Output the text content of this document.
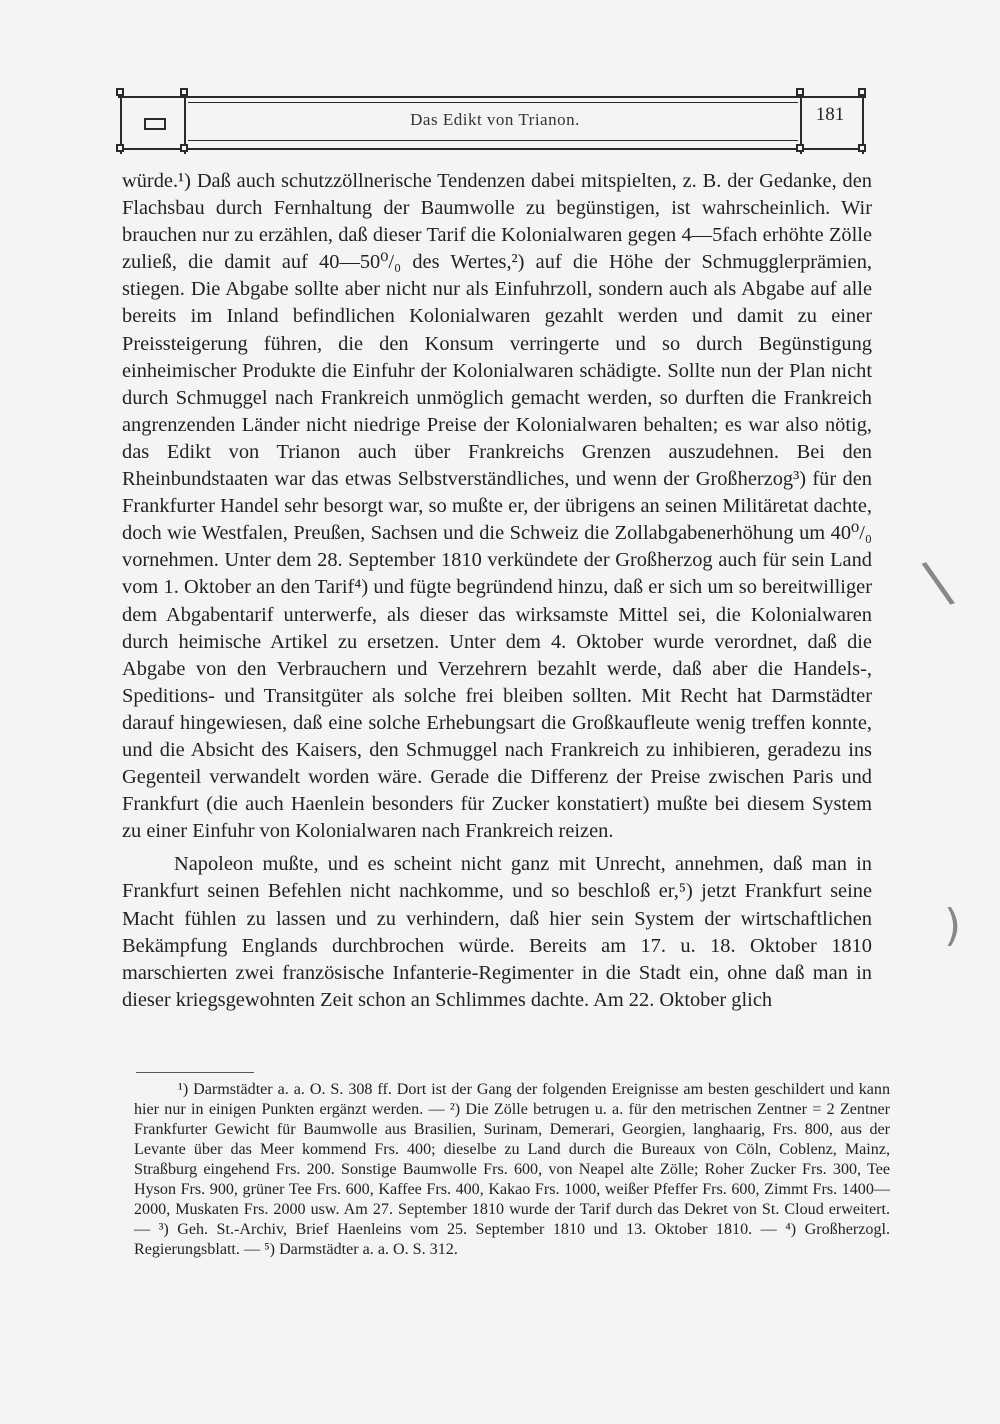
Das Edikt von Trianon.	181

würde.¹) Daß auch schutzzöllnerische Tendenzen dabei mitspielten, z. B. der Gedanke, den Flachsbau durch Fernhaltung der Baumwolle zu begünstigen, ist wahrscheinlich. Wir brauchen nur zu erzählen, daß dieser Tarif die Kolonialwaren gegen 4—5fach erhöhte Zölle zuließ, die damit auf 40—50⁰/₀ des Wertes,²) auf die Höhe der Schmugglerprämien, stiegen. Die Abgabe sollte aber nicht nur als Einfuhrzoll, sondern auch als Abgabe auf alle bereits im Inland befindlichen Kolonialwaren gezahlt werden und damit zu einer Preissteigerung führen, die den Konsum verringerte und so durch Begünstigung einheimischer Produkte die Einfuhr der Kolonialwaren schädigte. Sollte nun der Plan nicht durch Schmuggel nach Frankreich unmöglich gemacht werden, so durften die Frankreich angrenzenden Länder nicht niedrige Preise der Kolonialwaren behalten; es war also nötig, das Edikt von Trianon auch über Frankreichs Grenzen auszudehnen. Bei den Rheinbundstaaten war das etwas Selbstverständliches, und wenn der Großherzog³) für den Frankfurter Handel sehr besorgt war, so mußte er, der übrigens an seinen Militäretat dachte, doch wie Westfalen, Preußen, Sachsen und die Schweiz die Zollabgabenerhöhung um 40⁰/₀ vornehmen. Unter dem 28. September 1810 verkündete der Großherzog auch für sein Land vom 1. Oktober an den Tarif⁴) und fügte begründend hinzu, daß er sich um so bereitwilliger dem Abgabentarif unterwerfe, als dieser das wirksamste Mittel sei, die Kolonialwaren durch heimische Artikel zu ersetzen. Unter dem 4. Oktober wurde verordnet, daß die Abgabe von den Verbrauchern und Verzehrern bezahlt werde, daß aber die Handels-, Speditions- und Transitgüter als solche frei bleiben sollten. Mit Recht hat Darmstädter darauf hingewiesen, daß eine solche Erhebungsart die Großkaufleute wenig treffen konnte, und die Absicht des Kaisers, den Schmuggel nach Frankreich zu inhibieren, geradezu ins Gegenteil verwandelt worden wäre. Gerade die Differenz der Preise zwischen Paris und Frankfurt (die auch Haenlein besonders für Zucker konstatiert) mußte bei diesem System zu einer Einfuhr von Kolonialwaren nach Frankreich reizen.

Napoleon mußte, und es scheint nicht ganz mit Unrecht, annehmen, daß man in Frankfurt seinen Befehlen nicht nachkomme, und so beschloß er,⁵) jetzt Frankfurt seine Macht fühlen zu lassen und zu verhindern, daß hier sein System der wirtschaftlichen Bekämpfung Englands durchbrochen würde. Bereits am 17. u. 18. Oktober 1810 marschierten zwei französische Infanterie-Regimenter in die Stadt ein, ohne daß man in dieser kriegsgewohnten Zeit schon an Schlimmes dachte. Am 22. Oktober glich

¹) Darmstädter a. a. O. S. 308 ff. Dort ist der Gang der folgenden Ereignisse am besten geschildert und kann hier nur in einigen Punkten ergänzt werden. — ²) Die Zölle betrugen u. a. für den metrischen Zentner = 2 Zentner Frankfurter Gewicht für Baumwolle aus Brasilien, Surinam, Demerari, Georgien, langhaarig, Frs. 800, aus der Levante über das Meer kommend Frs. 400; dieselbe zu Land durch die Bureaux von Cöln, Coblenz, Mainz, Straßburg eingehend Frs. 200. Sonstige Baumwolle Frs. 600, von Neapel alte Zölle; Roher Zucker Frs. 300, Tee Hyson Frs. 900, grüner Tee Frs. 600, Kaffee Frs. 400, Kakao Frs. 1000, weißer Pfeffer Frs. 600, Zimmt Frs. 1400—2000, Muskaten Frs. 2000 usw. Am 27. September 1810 wurde der Tarif durch das Dekret von St. Cloud erweitert. — ³) Geh. St.-Archiv, Brief Haenleins vom 25. September 1810 und 13. Oktober 1810. — ⁴) Großherzogl. Regierungsblatt. — ⁵) Darmstädter a. a. O. S. 312.

\
)
